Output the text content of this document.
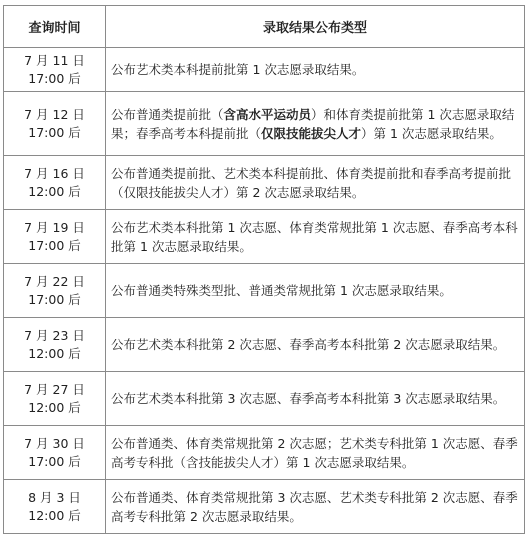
查询时间	录取结果公布类型

7 月 11 日
17:00 后	公布艺术类本科提前批第 1 次志愿录取结果。

7 月 12 日
17:00 后	公布普通类提前批（含高水平运动员）和体育类提前批第 1 次志愿录取结果；春季高考本科提前批（仅限技能拔尖人才）第 1 次志愿录取结果。

7 月 16 日
12:00 后	公布普通类提前批、艺术类本科提前批、体育类提前批和春季高考提前批（仅限技能拔尖人才）第 2 次志愿录取结果。

7 月 19 日
17:00 后	公布艺术类本科批第 1 次志愿、体育类常规批第 1 次志愿、春季高考本科批第 1 次志愿录取结果。

7 月 22 日
17:00 后	公布普通类特殊类型批、普通类常规批第 1 次志愿录取结果。

7 月 23 日
12:00 后	公布艺术类本科批第 2 次志愿、春季高考本科批第 2 次志愿录取结果。

7 月 27 日
12:00 后	公布艺术类本科批第 3 次志愿、春季高考本科批第 3 次志愿录取结果。

7 月 30 日
17:00 后	公布普通类、体育类常规批第 2 次志愿；艺术类专科批第 1 次志愿、春季高考专科批（含技能拔尖人才）第 1 次志愿录取结果。

8 月 3 日
12:00 后	公布普通类、体育类常规批第 3 次志愿、艺术类专科批第 2 次志愿、春季高考专科批第 2 次志愿录取结果。
